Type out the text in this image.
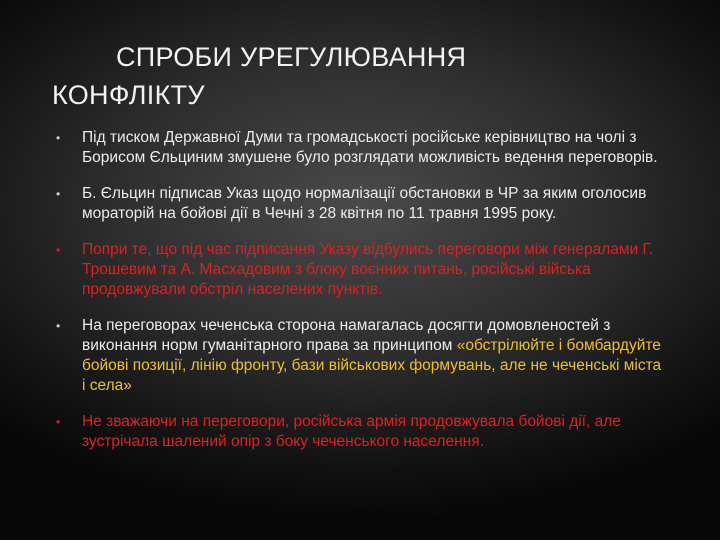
СПРОБИ УРЕГУЛЮВАННЯ КОНФЛІКТУ
• Під тиском Державної Думи та громадськості російське керівництво на чолі з Борисом Єльциним змушене було розглядати можливість ведення переговорів.
• Б. Єльцин підписав Указ щодо нормалізації обстановки в ЧР за яким оголосив мораторій на бойові дії в Чечні з 28 квітня по 11 травня 1995 року.
• Попри те, що під час підписання Указу відбулись переговори між генералами Г. Трошевим та А. Масхадовим з блоку воєнних питань, російські війська продовжували обстріл населених пунктів.
• На переговорах чеченська сторона намагалась досягти домовленостей з виконання норм гуманітарного права за принципом «обстрілюйте і бомбардуйте бойові позиції, лінію фронту, бази військових формувань, але не чеченські міста і села»
• Не зважаючи на переговори, російська армія продовжувала бойові дії, але зустрічала шалений опір з боку чеченського населення.
